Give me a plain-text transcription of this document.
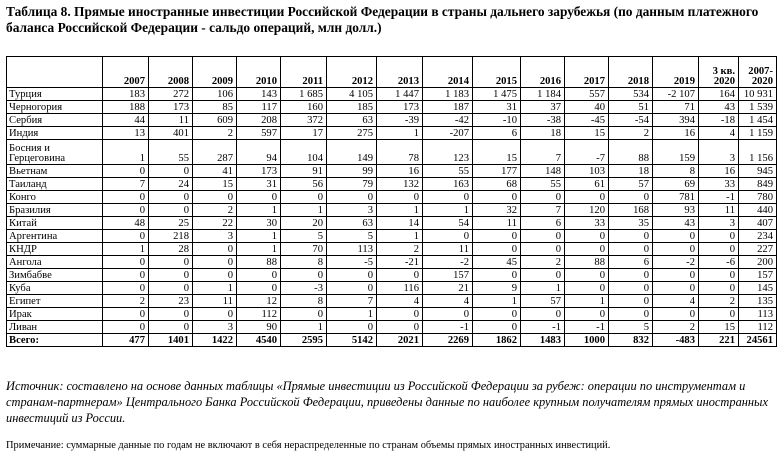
Таблица 8. Прямые иностранные инвестиции Российской Федерации в страны дальнего зарубежья (по данным платежного баланса Российской Федерации - сальдо операций, млн долл.)
	2007	2008	2009	2010	2011	2012	2013	2014	2015	2016	2017	2018	2019	3 кв. 2020	2007-2020
Турция	183	272	106	143	1 685	4 105	1 447	1 183	1 475	1 184	557	534	-2 107	164	10 931
Черногория	188	173	85	117	160	185	173	187	31	37	40	51	71	43	1 539
Сербия	44	11	609	208	372	63	-39	-42	-10	-38	-45	-54	394	-18	1 454
Индия	13	401	2	597	17	275	1	-207	6	18	15	2	16	4	1 159
Босния и Герцеговина	1	55	287	94	104	149	78	123	15	7	-7	88	159	3	1 156
Вьетнам	0	0	41	173	91	99	16	55	177	148	103	18	8	16	945
Таиланд	7	24	15	31	56	79	132	163	68	55	61	57	69	33	849
Конго	0	0	0	0	0	0	0	0	0	0	0	0	781	-1	780
Бразилия	0	0	2	1	1	3	1	1	32	7	120	168	93	11	440
Китай	48	25	22	30	20	63	14	54	11	6	33	35	43	3	407
Аргентина	0	218	3	1	5	5	1	0	0	0	0	0	0	0	234
КНДР	1	28	0	1	70	113	2	11	0	0	0	0	0	0	227
Ангола	0	0	0	88	8	-5	-21	-2	45	2	88	6	-2	-6	200
Зимбабве	0	0	0	0	0	0	0	157	0	0	0	0	0	0	157
Куба	0	0	1	0	-3	0	116	21	9	1	0	0	0	0	145
Египет	2	23	11	12	8	7	4	4	1	57	1	0	4	2	135
Ирак	0	0	0	112	0	1	0	0	0	0	0	0	0	0	113
Ливан	0	0	3	90	1	0	0	-1	0	-1	-1	5	2	15	112
Всего:	477	1401	1422	4540	2595	5142	2021	2269	1862	1483	1000	832	-483	221	24561
Источник: составлено на основе данных таблицы «Прямые инвестиции из Российской Федерации за рубеж: операции по инструментам и странам-партнерам» Центрального Банка Российской Федерации, приведены данные по наиболее крупным получателям прямых иностранных инвестиций из России.
Примечание: суммарные данные по годам не включают в себя нераспределенные по странам объемы прямых иностранных инвестиций.
